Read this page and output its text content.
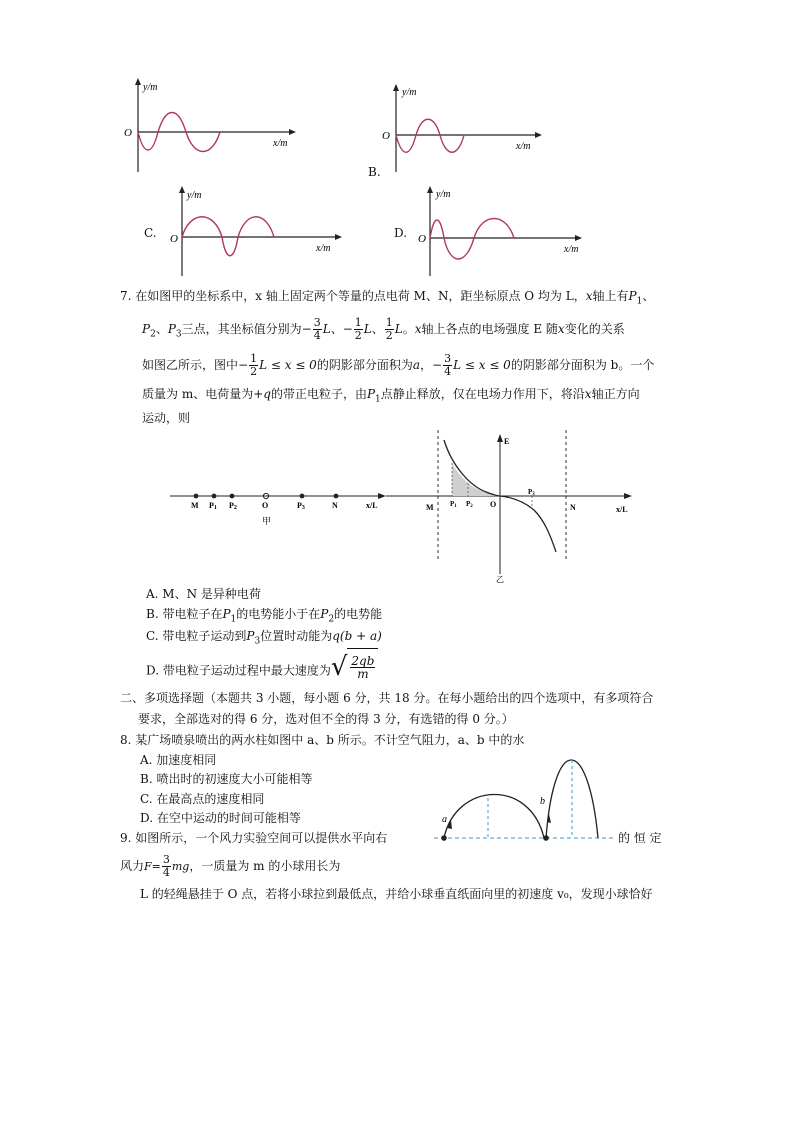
y/m
x/m
O
y/m
x/m
O
B.
y/m
x/m
O
C.
y/m
x/m
O
D.
7. 在如图甲的坐标系中，x 轴上固定两个等量的点电荷 M、N，距坐标原点 O 均为 L，x轴上有$P_1$、
$P_2$、$P_3$三点，其坐标值分别为− $\frac{3}{4}$ L、− $\frac{1}{2}$ L、 $\frac{1}{2}$ L。x轴上各点的电场强度 E 随x变化的关系
如图乙所示，图中− $\frac{1}{2}$ L ≤ x ≤ 0的阴影部分面积为a，− $\frac{3}{4}$ L ≤ x ≤ 0的阴影部分面积为 b。一个
质量为 m、电荷量为+q的带正电粒子，由$P_1$点静止释放，仅在电场力作用下，将沿x轴正方向
运动，则
M P1 P2	O	P3	N	x/L
甲
E
M P1 P2 O
P3
N	x/L
乙
A. M、N 是异种电荷
B. 带电粒子在$P_1$的电势能小于在$P_2$的电势能
C. 带电粒子运动到$P_3$位置时动能为q(b + a)
D. 带电粒子运动过程中最大速度为 √ $\frac{2qb}{m}$
二、多项选择题（本题共 3 小题，每小题 6 分，共 18 分。在每小题给出的四个选项中，有多项符合
要求，全部选对的得 6 分，选对但不全的得 3 分，有选错的得 0 分。）
8. 某广场喷泉喷出的两水柱如图中 a、b 所示。不计空气阻力，a、b 中的水
A. 加速度相同
B. 喷出时的初速度大小可能相等
C. 在最高点的速度相同
D. 在空中运动的时间可能相等	a
b
9. 如图所示，一个风力实验空间可以提供水平向右	的 恒 定
风力$F= \frac{3}{4}$ mg，一质量为 m 的小球用长为
L 的轻绳悬挂于 O 点，若将小球拉到最低点，并给小球垂直纸面向里的初速度 v₀，发现小球恰好
